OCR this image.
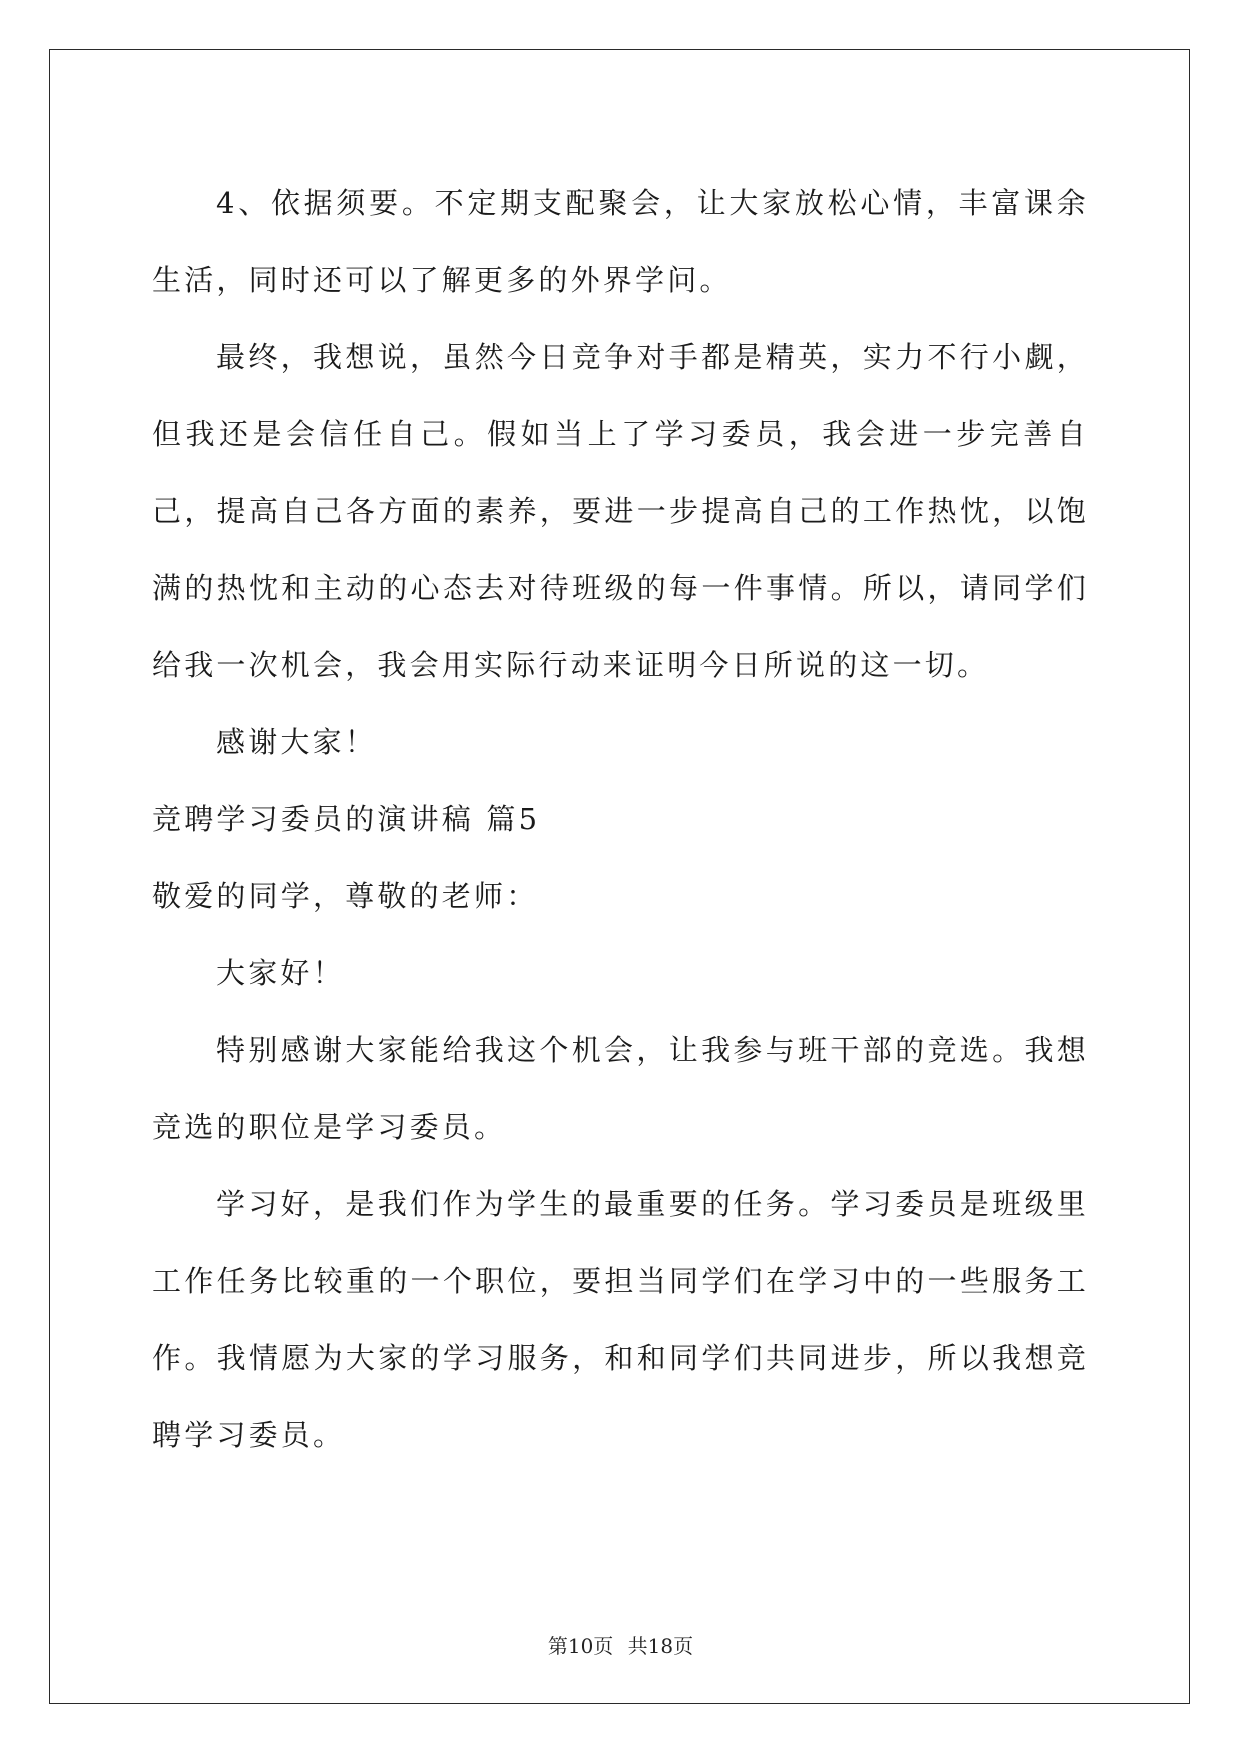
4、依据须要。不定期支配聚会，让大家放松心情，丰富课余生活，同时还可以了解更多的外界学问。

最终，我想说，虽然今日竞争对手都是精英，实力不行小觑，但我还是会信任自己。假如当上了学习委员，我会进一步完善自己，提高自己各方面的素养，要进一步提高自己的工作热忱，以饱满的热忱和主动的心态去对待班级的每一件事情。所以，请同学们给我一次机会，我会用实际行动来证明今日所说的这一切。

感谢大家！

竞聘学习委员的演讲稿 篇5

敬爱的同学，尊敬的老师：

大家好！

特别感谢大家能给我这个机会，让我参与班干部的竞选。我想竞选的职位是学习委员。

学习好，是我们作为学生的最重要的任务。学习委员是班级里工作任务比较重的一个职位，要担当同学们在学习中的一些服务工作。我情愿为大家的学习服务，和和同学们共同进步，所以我想竞聘学习委员。

第10页 共18页
